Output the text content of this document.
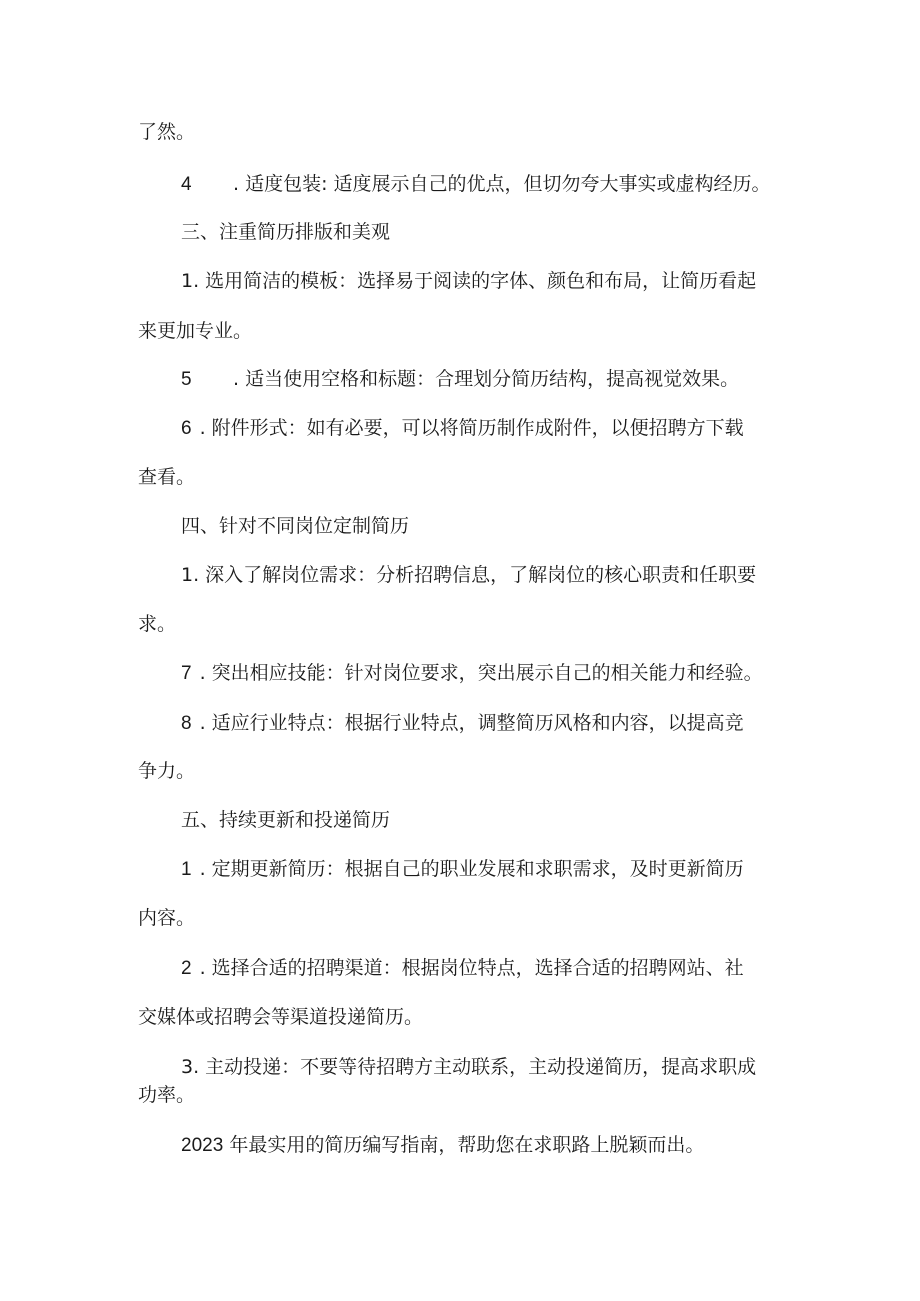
了然。
4 . 适度包装: 适度展示自己的优点，但切勿夸大事实或虚构经历。
三、注重简历排版和美观
1. 选用简洁的模板：选择易于阅读的字体、颜色和布局，让简历看起
来更加专业。
5 . 适当使用空格和标题：合理划分简历结构，提高视觉效果。
6 . 附件形式：如有必要，可以将简历制作成附件，以便招聘方下载
查看。
四、针对不同岗位定制简历
1. 深入了解岗位需求：分析招聘信息，了解岗位的核心职责和任职要
求。
7 . 突出相应技能：针对岗位要求，突出展示自己的相关能力和经验。
8 . 适应行业特点：根据行业特点，调整简历风格和内容，以提高竞
争力。
五、持续更新和投递简历
1 . 定期更新简历：根据自己的职业发展和求职需求，及时更新简历
内容。
2 . 选择合适的招聘渠道：根据岗位特点，选择合适的招聘网站、社
交媒体或招聘会等渠道投递简历。
3. 主动投递：不要等待招聘方主动联系，主动投递简历，提高求职成
功率。
2023 年最实用的简历编写指南，帮助您在求职路上脱颖而出。
